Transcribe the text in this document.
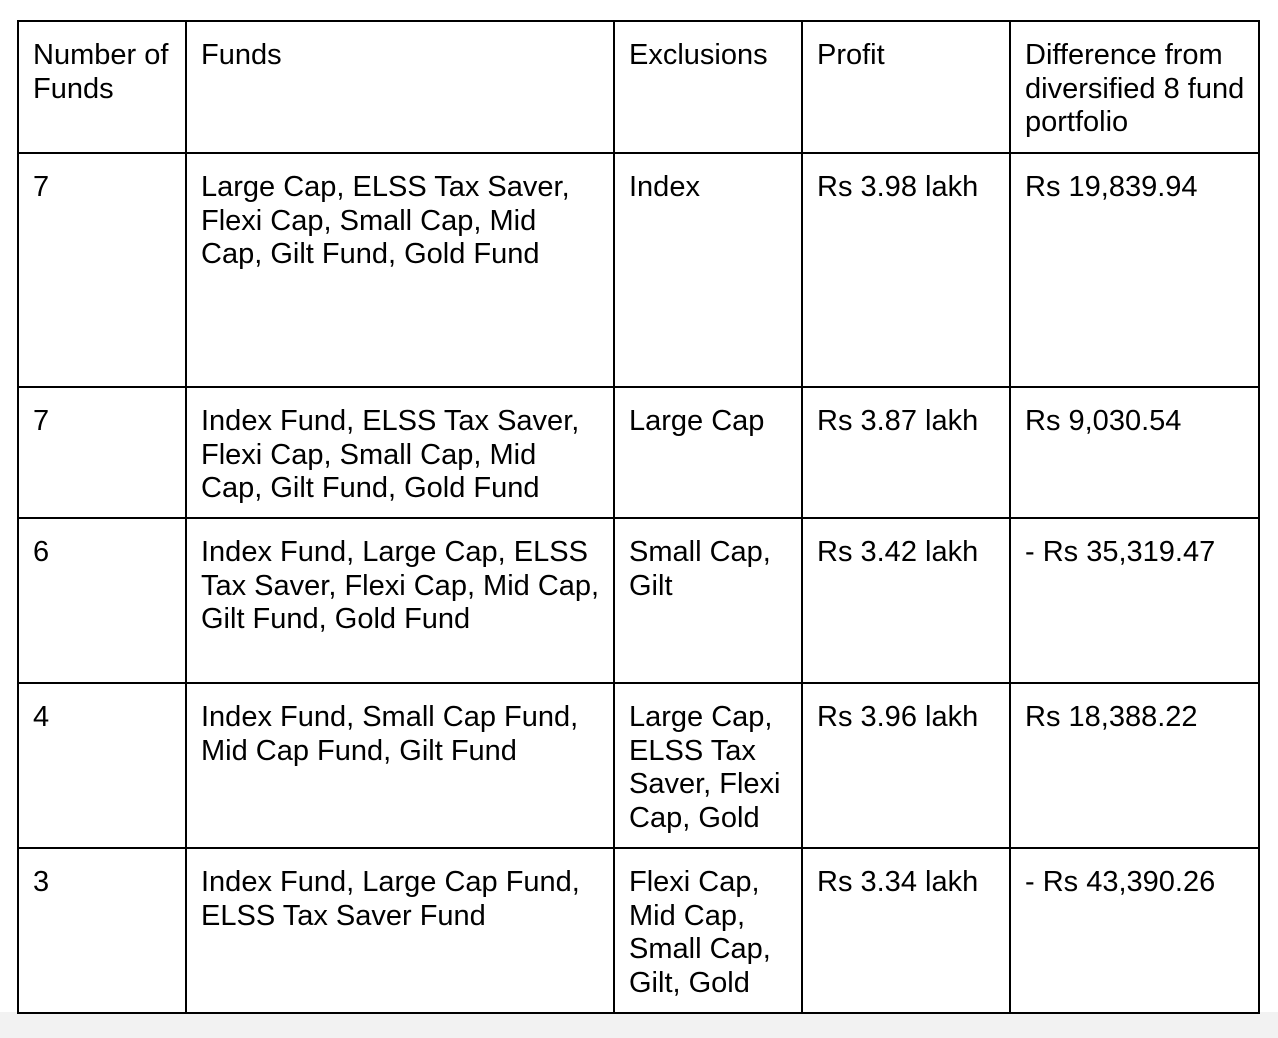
Number of Funds	Funds	Exclusions	Profit	Difference from diversified 8 fund portfolio
7	Large Cap, ELSS Tax Saver, Flexi Cap, Small Cap, Mid Cap, Gilt Fund, Gold Fund	Index	Rs 3.98 lakh	Rs 19,839.94
7	Index Fund, ELSS Tax Saver, Flexi Cap, Small Cap, Mid Cap, Gilt Fund, Gold Fund	Large Cap	Rs 3.87 lakh	Rs 9,030.54
6	Index Fund, Large Cap, ELSS Tax Saver, Flexi Cap, Mid Cap, Gilt Fund, Gold Fund	Small Cap, Gilt	Rs 3.42 lakh	- Rs 35,319.47
4	Index Fund, Small Cap Fund, Mid Cap Fund, Gilt Fund	Large Cap, ELSS Tax Saver, Flexi Cap, Gold	Rs 3.96 lakh	Rs 18,388.22
3	Index Fund, Large Cap Fund, ELSS Tax Saver Fund	Flexi Cap, Mid Cap, Small Cap, Gilt, Gold	Rs 3.34 lakh	- Rs 43,390.26
